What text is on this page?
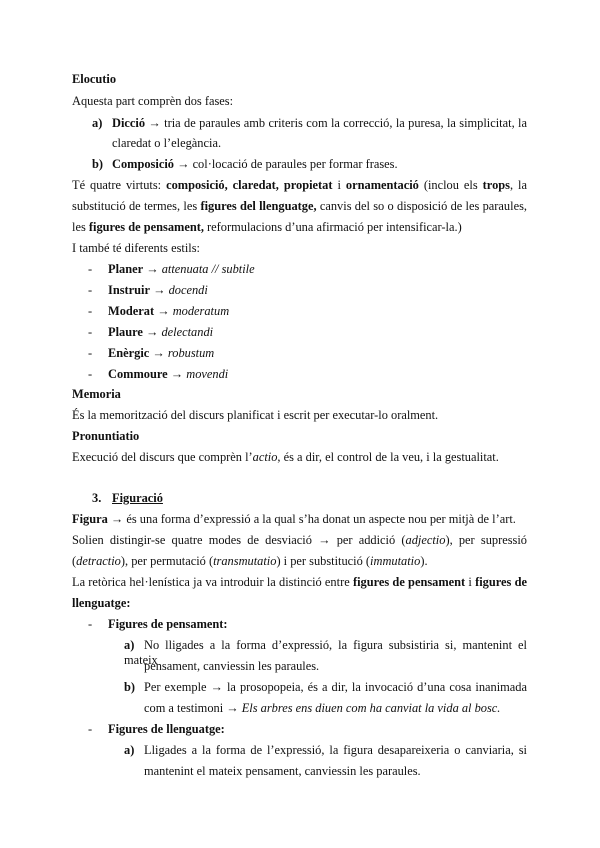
Elocutio
Aquesta part comprèn dos fases:
a) Dicció → tria de paraules amb criteris com la correcció, la puresa, la simplicitat, la
claredat o l’elegància.
b) Composició → col·locació de paraules per formar frases.
Té quatre virtuts: composició, claredat, propietat i ornamentació (inclou els trops, la
substitució de termes, les figures del llenguatge, canvis del so o disposició de les paraules,
les figures de pensament, reformulacions d’una afirmació per intensificar-la.)
I també té diferents estils:
- Planer → attenuata // subtile
- Instruir → docendi
- Moderat → moderatum
- Plaure → delectandi
- Enèrgic → robustum
- Commoure → movendi
Memoria
És la memorització del discurs planificat i escrit per executar-lo oralment.
Pronuntiatio
Execució del discurs que comprèn l’actio, és a dir, el control de la veu, i la gestualitat.
3. Figuració
Figura → és una forma d’expressió a la qual s’ha donat un aspecte nou per mitjà de l’art.
Solien distingir-se quatre modes de desviació → per addició (adjectio), per supressió
(detractio), per permutació (transmutatio) i per substitució (immutatio).
La retòrica hel·lenística ja va introduir la distinció entre figures de pensament i figures de
llenguatge:
- Figures de pensament:
a) No lligades a la forma d’expressió, la figura subsistiria si, mantenint el mateix
pensament, canviessin les paraules.
b) Per exemple → la prosopopeia, és a dir, la invocació d’una cosa inanimada
com a testimoni → Els arbres ens diuen com ha canviat la vida al bosc.
- Figures de llenguatge:
a) Lligades a la forma de l’expressió, la figura desapareixeria o canviaria, si
mantenint el mateix pensament, canviessin les paraules.
